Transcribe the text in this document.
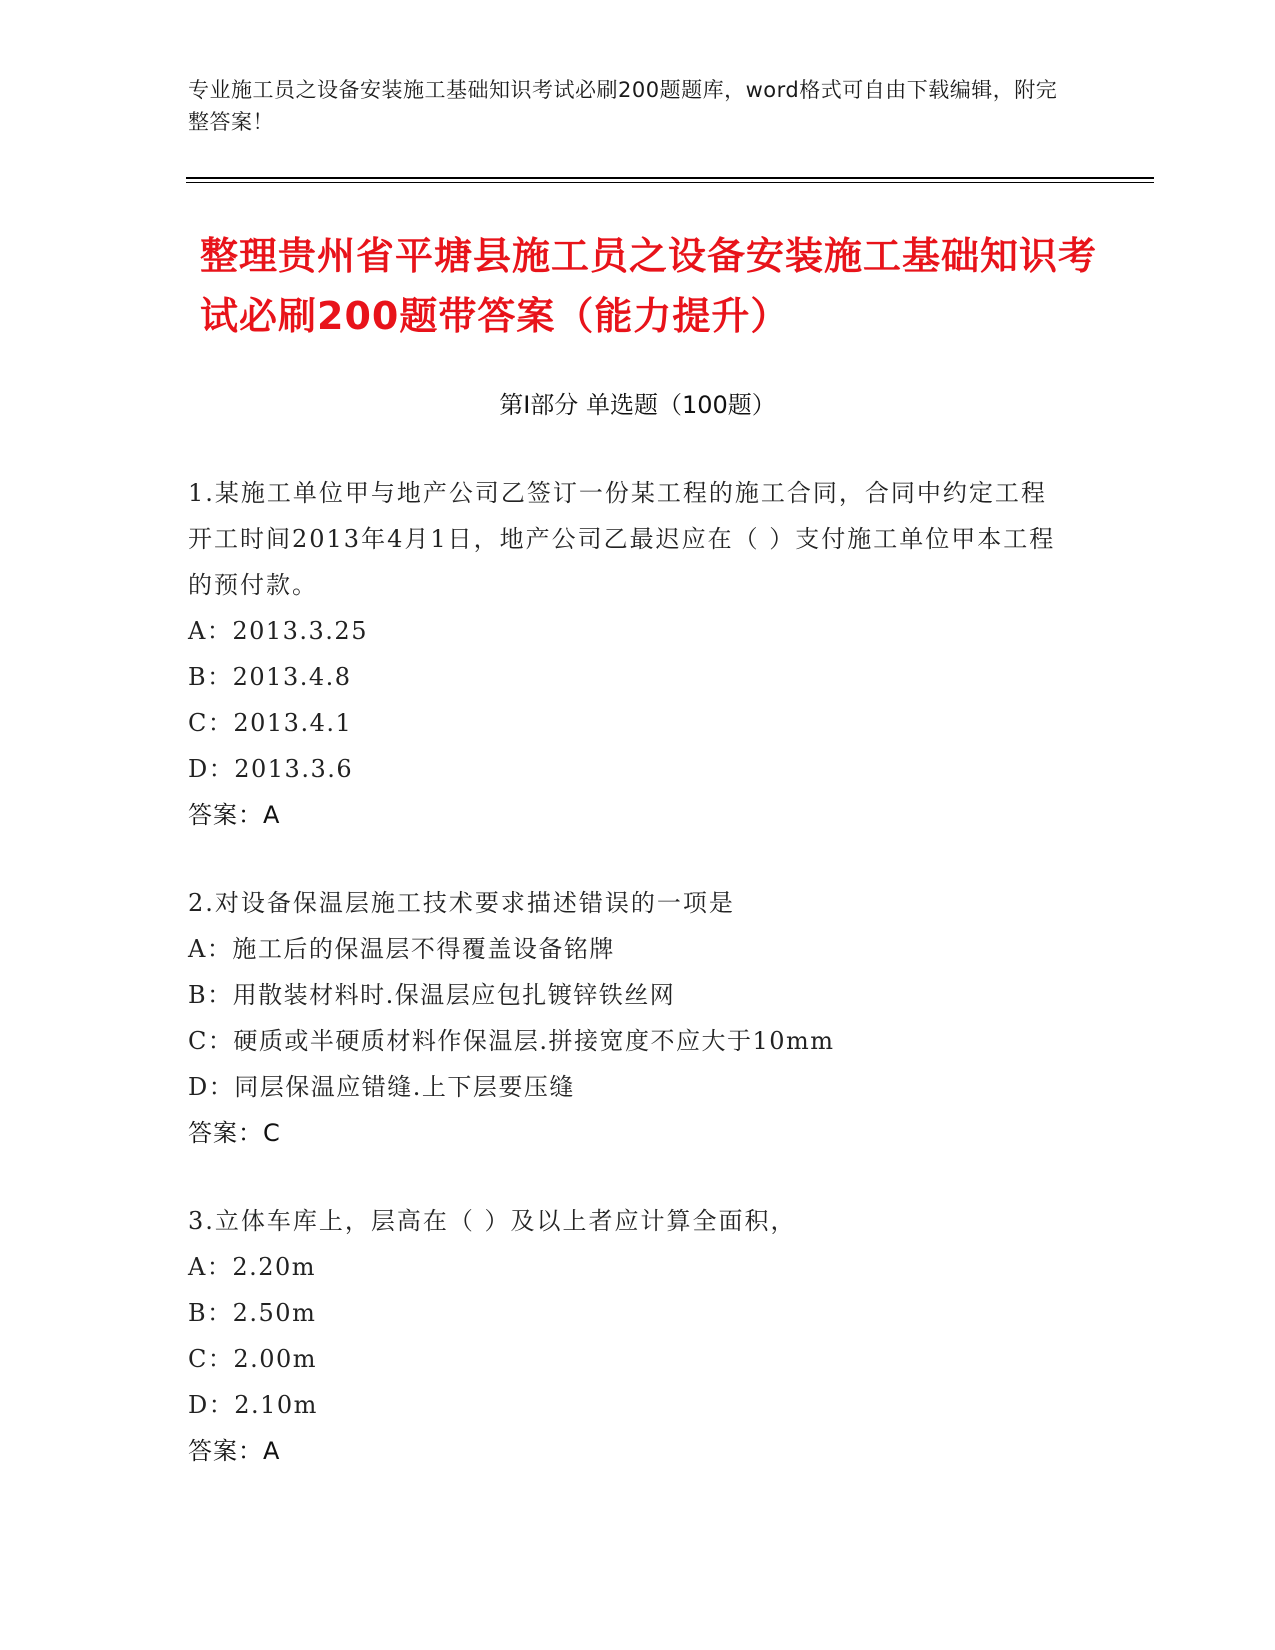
专业施工员之设备安装施工基础知识考试必刷200题题库，word格式可自由下载编辑，附完整答案！
整理贵州省平塘县施工员之设备安装施工基础知识考试必刷200题带答案（能力提升）
第Ⅰ部分 单选题（100题）
1.某施工单位甲与地产公司乙签订一份某工程的施工合同，合同中约定工程开工时间2013年4月1日，地产公司乙最迟应在（ ）支付施工单位甲本工程的预付款。
A：2013.3.25
B：2013.4.8
C：2013.4.1
D：2013.3.6
答案：A
2.对设备保温层施工技术要求描述错误的一项是
A：施工后的保温层不得覆盖设备铭牌
B：用散装材料时.保温层应包扎镀锌铁丝网
C：硬质或半硬质材料作保温层.拼接宽度不应大于10mm
D：同层保温应错缝.上下层要压缝
答案：C
3.立体车库上，层高在（ ）及以上者应计算全面积，
A：2.20m
B：2.50m
C：2.00m
D：2.10m
答案：A
